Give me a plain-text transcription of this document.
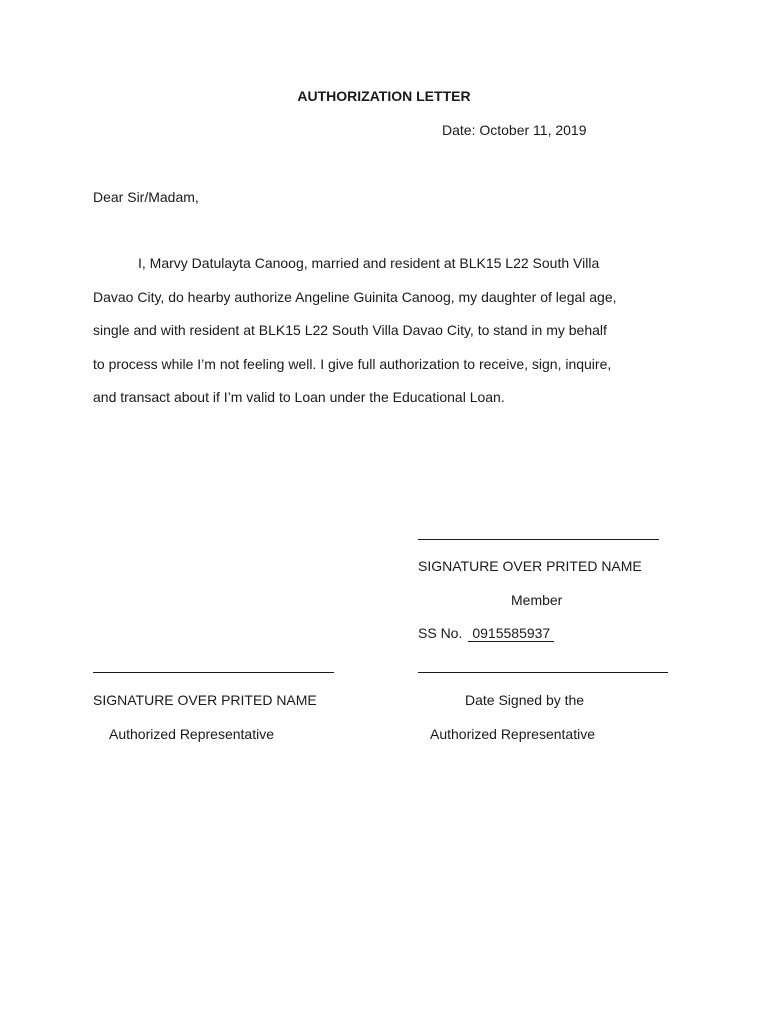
AUTHORIZATION LETTER
Date: October 11, 2019
Dear Sir/Madam,
I, Marvy Datulayta Canoog, married and resident at BLK15 L22 South Villa
Davao City, do hearby authorize Angeline Guinita Canoog, my daughter of legal age,
single and with resident at BLK15 L22 South Villa Davao City, to stand in my behalf
to process while I’m not feeling well. I give full authorization to receive, sign, inquire,
and transact about if I’m valid to Loan under the Educational Loan.
SIGNATURE OVER PRITED NAME
Member
SS No. 0915585937
SIGNATURE OVER PRITED NAME
Authorized Representative
Date Signed by the
Authorized Representative
